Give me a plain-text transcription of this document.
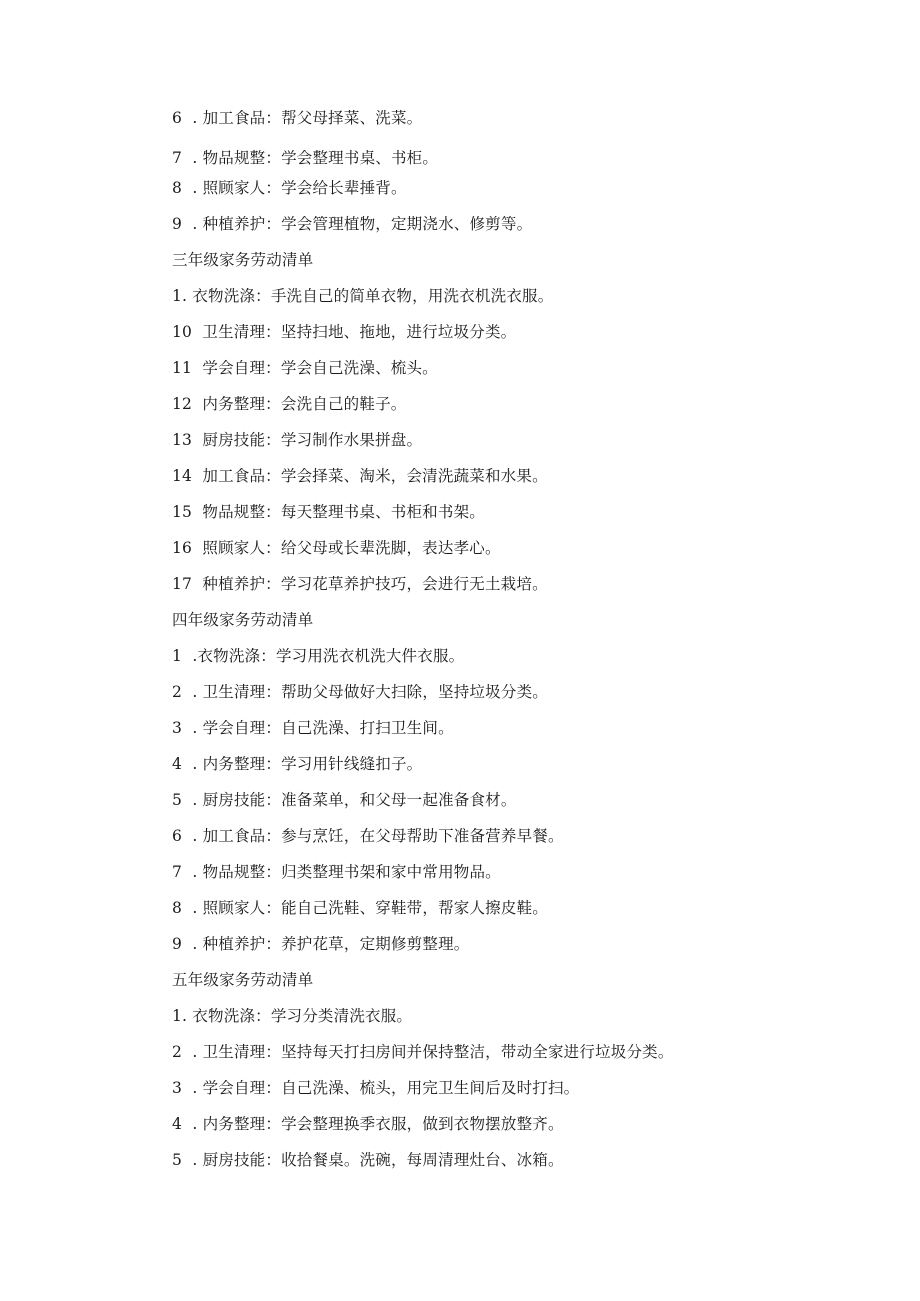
6  . 加工食品：帮父母择菜、洗菜。
7  . 物品规整：学会整理书桌、书柜。
8  . 照顾家人：学会给长辈捶背。
9  . 种植养护：学会管理植物，定期浇水、修剪等。
三年级家务劳动清单
1. 衣物洗涤：手洗自己的简单衣物，用洗衣机洗衣服。
10  卫生清理：坚持扫地、拖地，进行垃圾分类。
11  学会自理：学会自己洗澡、梳头。
12  内务整理：会洗自己的鞋子。
13  厨房技能：学习制作水果拼盘。
14  加工食品：学会择菜、淘米，会清洗蔬菜和水果。
15  物品规整：每天整理书桌、书柜和书架。
16  照顾家人：给父母或长辈洗脚，表达孝心。
17  种植养护：学习花草养护技巧，会进行无土栽培。
四年级家务劳动清单
1  .衣物洗涤：学习用洗衣机洗大件衣服。
2  . 卫生清理：帮助父母做好大扫除，坚持垃圾分类。
3  . 学会自理：自己洗澡、打扫卫生间。
4  . 内务整理：学习用针线缝扣子。
5  . 厨房技能：准备菜单，和父母一起准备食材。
6  . 加工食品：参与烹饪，在父母帮助下准备营养早餐。
7  . 物品规整：归类整理书架和家中常用物品。
8  . 照顾家人：能自己洗鞋、穿鞋带，帮家人擦皮鞋。
9  . 种植养护：养护花草，定期修剪整理。
五年级家务劳动清单
1. 衣物洗涤：学习分类清洗衣服。
2  . 卫生清理：坚持每天打扫房间并保持整洁，带动全家进行垃圾分类。
3  . 学会自理：自己洗澡、梳头，用完卫生间后及时打扫。
4  . 内务整理：学会整理换季衣服，做到衣物摆放整齐。
5  . 厨房技能：收拾餐桌。洗碗，每周清理灶台、冰箱。
